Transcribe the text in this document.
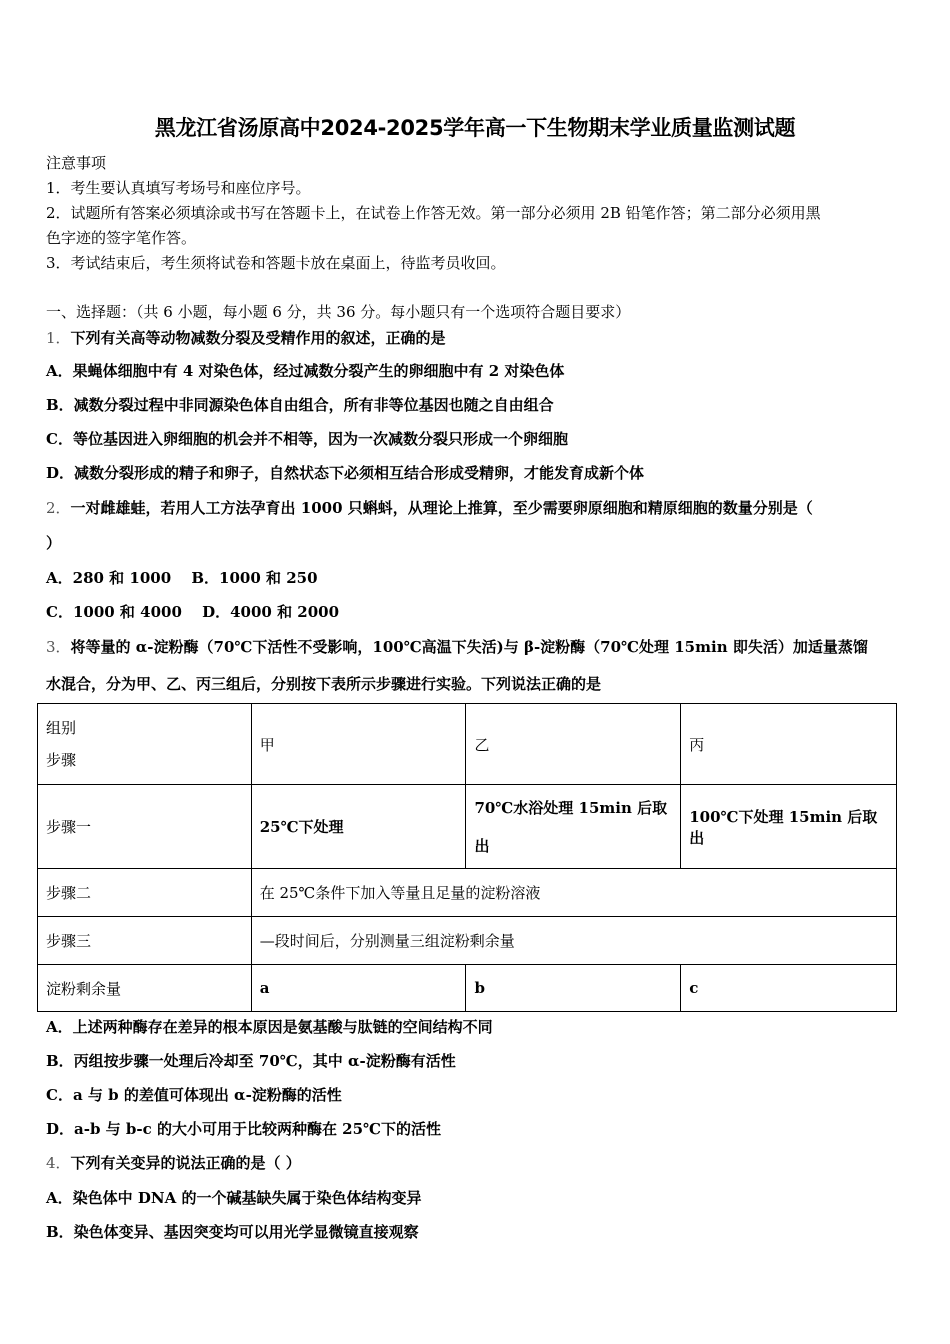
黑龙江省汤原高中2024-2025学年高一下生物期末学业质量监测试题
注意事项
1．考生要认真填写考场号和座位序号。
2．试题所有答案必须填涂或书写在答题卡上，在试卷上作答无效。第一部分必须用 2B 铅笔作答；第二部分必须用黑
色字迹的签字笔作答。
3．考试结束后，考生须将试卷和答题卡放在桌面上，待监考员收回。
一、选择题：（共 6 小题，每小题 6 分，共 36 分。每小题只有一个选项符合题目要求）
1．下列有关高等动物减数分裂及受精作用的叙述，正确的是
A．果蝇体细胞中有 4 对染色体，经过减数分裂产生的卵细胞中有 2 对染色体
B．减数分裂过程中非同源染色体自由组合，所有非等位基因也随之自由组合
C．等位基因进入卵细胞的机会并不相等，因为一次减数分裂只形成一个卵细胞
D．减数分裂形成的精子和卵子，自然状态下必须相互结合形成受精卵，才能发育成新个体
2．一对雌雄蛙，若用人工方法孕育出 1000 只蝌蚪，从理论上推算，至少需要卵原细胞和精原细胞的数量分别是（
）
A．280 和 1000　 B．1000 和 250
C．1000 和 4000　 D．4000 和 2000
3．将等量的 α-淀粉酶（70℃下活性不受影响，100℃高温下失活)与 β-淀粉酶（70℃处理 15min 即失活）加适量蒸馏
水混合，分为甲、乙、丙三组后，分别按下表所示步骤进行实验。下列说法正确的是
组别
步骤	甲	乙	丙
步骤一	25℃下处理	70℃水浴处理 15min 后取
出	100℃下处理 15min 后取出
步骤二	在 25℃条件下加入等量且足量的淀粉溶液		
步骤三	—段时间后，分别测量三组淀粉剩余量		
淀粉剩余量	a	b	c
A．上述两种酶存在差异的根本原因是氨基酸与肽链的空间结构不同
B．丙组按步骤一处理后冷却至 70℃，其中 α-淀粉酶有活性
C．a 与 b 的差值可体现出 α-淀粉酶的活性
D．a-b 与 b-c 的大小可用于比较两种酶在 25℃下的活性
4．下列有关变异的说法正确的是（ ）
A．染色体中 DNA 的一个碱基缺失属于染色体结构变异
B．染色体变异、基因突变均可以用光学显微镜直接观察
